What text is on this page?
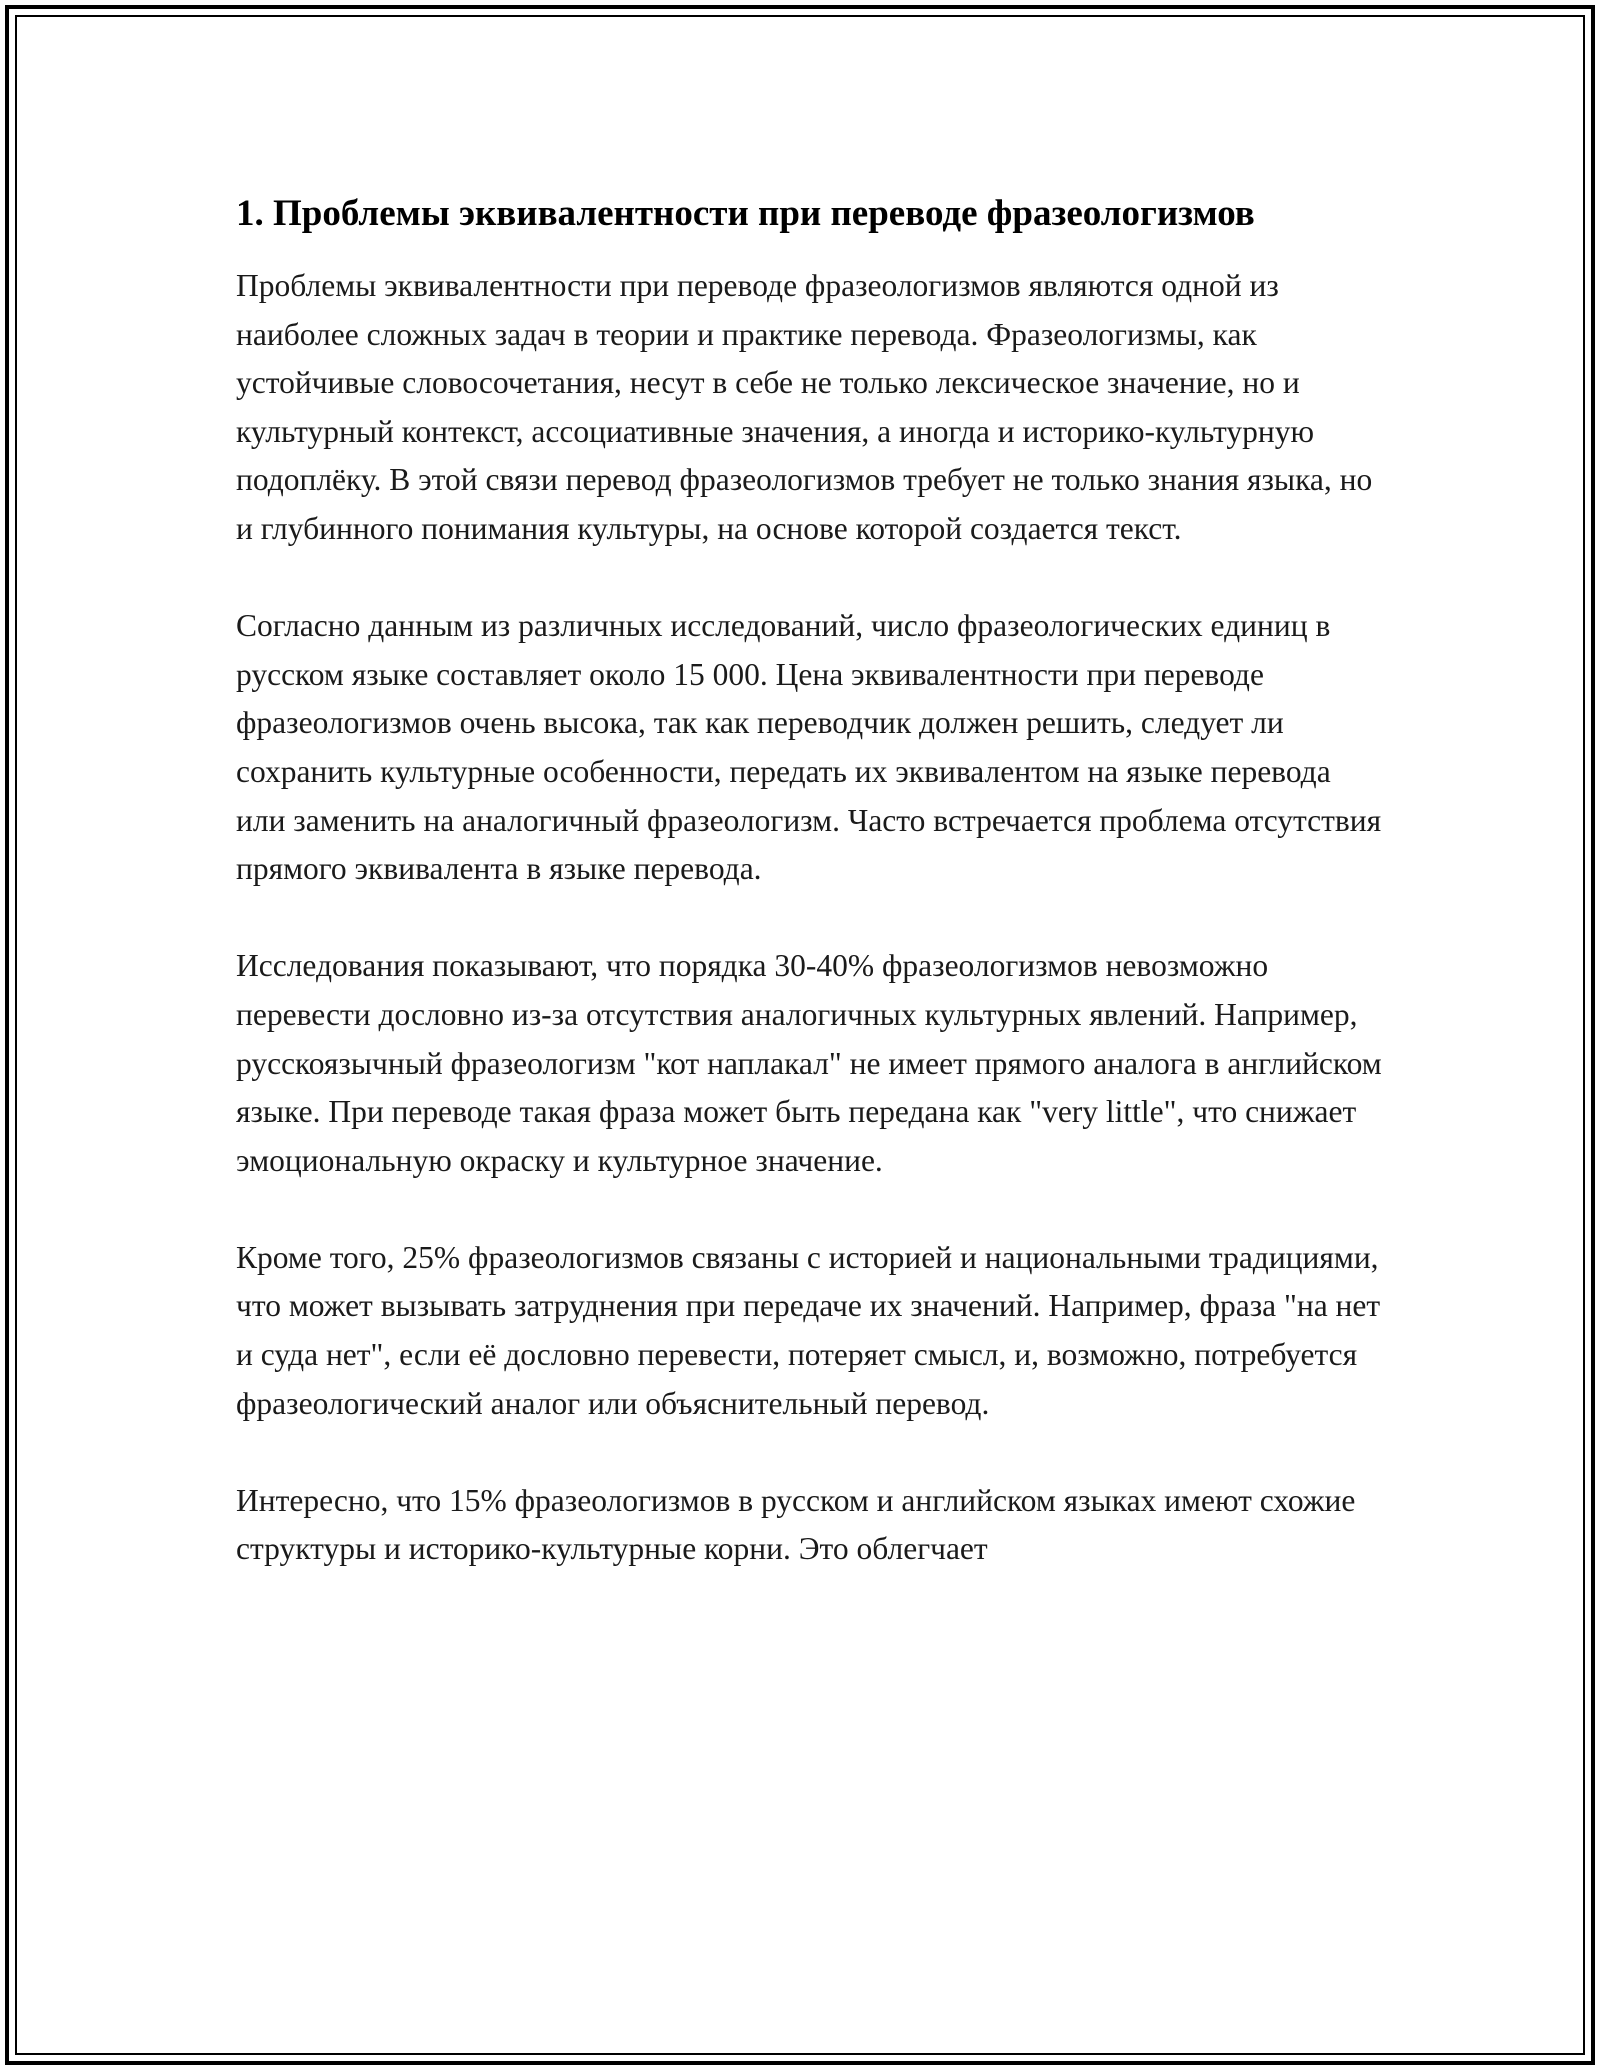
1. Проблемы эквивалентности при переводе фразеологизмов

Проблемы эквивалентности при переводе фразеологизмов являются одной из наиболее сложных задач в теории и практике перевода. Фразеологизмы, как устойчивые словосочетания, несут в себе не только лексическое значение, но и культурный контекст, ассоциативные значения, а иногда и историко-культурную подоплёку. В этой связи перевод фразеологизмов требует не только знания языка, но и глубинного понимания культуры, на основе которой создается текст.

Согласно данным из различных исследований, число фразеологических единиц в русском языке составляет около 15 000. Цена эквивалентности при переводе фразеологизмов очень высока, так как переводчик должен решить, следует ли сохранить культурные особенности, передать их эквивалентом на языке перевода или заменить на аналогичный фразеологизм. Часто встречается проблема отсутствия прямого эквивалента в языке перевода.

Исследования показывают, что порядка 30-40% фразеологизмов невозможно перевести дословно из-за отсутствия аналогичных культурных явлений. Например, русскоязычный фразеологизм "кот наплакал" не имеет прямого аналога в английском языке. При переводе такая фраза может быть передана как "very little", что снижает эмоциональную окраску и культурное значение.

Кроме того, 25% фразеологизмов связаны с историей и национальными традициями, что может вызывать затруднения при передаче их значений. Например, фраза "на нет и суда нет", если её дословно перевести, потеряет смысл, и, возможно, потребуется фразеологический аналог или объяснительный перевод.

Интересно, что 15% фразеологизмов в русском и английском языках имеют схожие структуры и историко-культурные корни. Это облегчает
